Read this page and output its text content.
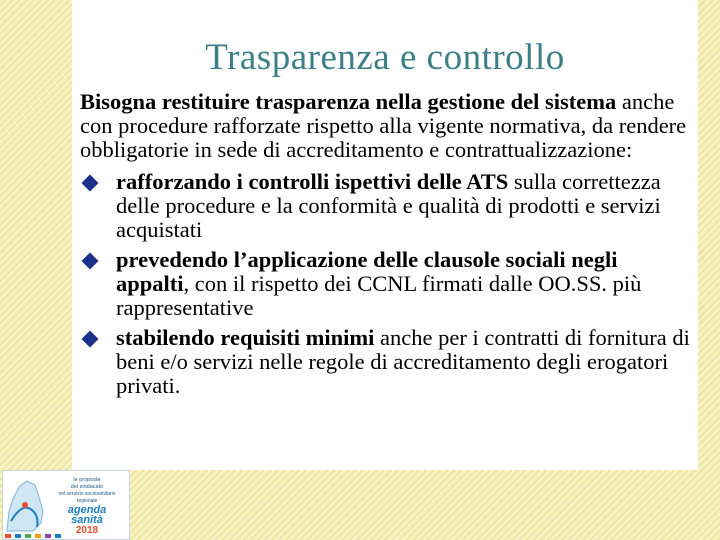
Trasparenza e controllo

Bisogna restituire trasparenza nella gestione del sistema anche con procedure rafforzate rispetto alla vigente normativa, da rendere obbligatorie in sede di accreditamento e contrattualizzazione:

rafforzando i controlli ispettivi delle ATS sulla correttezza delle procedure e la conformità e qualità di prodotti e servizi acquistati
prevedendo l’applicazione delle clausole sociali negli appalti, con il rispetto dei CCNL firmati dalle OO.SS. più rappresentative
stabilendo requisiti minimi anche per i contratti di fornitura di beni e/o servizi nelle regole di accreditamento degli erogatori privati.
le proposte
del sindacato
nel servizio sociosanitario
regionale
agenda
sanità
2018
